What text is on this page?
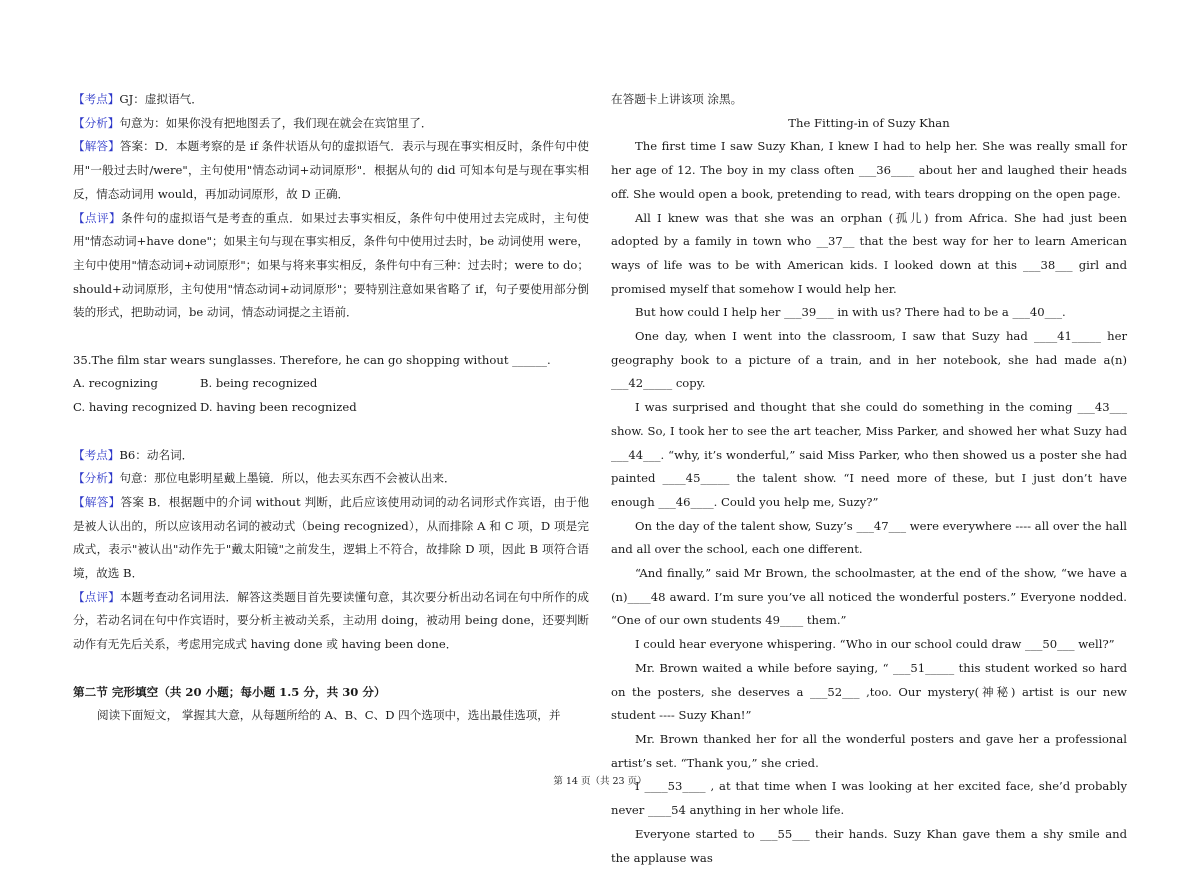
【考点】GJ：虚拟语气．

【分析】句意为：如果你没有把地图丢了，我们现在就会在宾馆里了．

【解答】答案：D．本题考察的是 if 条件状语从句的虚拟语气．表示与现在事实相反时，条件句中使用"一般过去时/were"，主句使用"情态动词+动词原形"．根据从句的 did 可知本句是与现在事实相反，情态动词用 would，再加动词原形，故 D 正确．

【点评】条件句的虚拟语气是考查的重点．如果过去事实相反，条件句中使用过去完成时，主句使用"情态动词+have done"；如果主句与现在事实相反，条件句中使用过去时，be 动词使用 were，主句中使用"情态动词+动词原形"；如果与将来事实相反，条件句中有三种：过去时；were to do；should+动词原形，主句使用"情态动词+动词原形"；要特别注意如果省略了 if，句子要使用部分倒装的形式，把助动词，be 动词，情态动词提之主语前．

35.The film star wears sunglasses. Therefore, he can go shopping without ______.

A. recognizing	B. being recognized
C. having recognized D. having been recognized

【考点】B6：动名词．

【分析】句意：那位电影明星戴上墨镜．所以，他去买东西不会被认出来．

【解答】答案 B．根据题中的介词 without 判断，此后应该使用动词的动名词形式作宾语，由于他是被人认出的，所以应该用动名词的被动式（being recognized），从而排除 A 和 C 项，D 项是完成式，表示"被认出"动作先于"戴太阳镜"之前发生，逻辑上不符合，故排除 D 项，因此 B 项符合语境，故选 B．

【点评】本题考查动名词用法．解答这类题目首先要读懂句意，其次要分析出动名词在句中所作的成分，若动名词在句中作宾语时，要分析主被动关系，主动用 doing，被动用 being done，还要判断动作有无先后关系，考虑用完成式 having done 或 having been done．

第二节 完形填空（共 20 小题；每小题 1.5 分，共 30 分）

阅读下面短文， 掌握其大意，从每题所给的 A、B、C、D 四个选项中，选出最佳选项，并

在答题卡上讲该项 涂黑。

The Fitting-in of Suzy Khan

The first time I saw Suzy Khan, I knew I had to help her. She was really small for her age of 12. The boy in my class often ___36____ about her and laughed their heads off. She would open a book, pretending to read, with tears dropping on the open page.

All I knew was that she was an orphan (孤儿) from Africa. She had just been adopted by a family in town who __37__ that the best way for her to learn American ways of life was to be with American kids. I looked down at this ___38___ girl and promised myself that somehow I would help her.

But how could I help her ___39___ in with us? There had to be a ___40___.

One day, when I went into the classroom, I saw that Suzy had ____41_____ her geography book to a picture of a train, and in her notebook, she had made a(n) ___42_____ copy.

I was surprised and thought that she could do something in the coming ___43___ show. So, I took her to see the art teacher, Miss Parker, and showed her what Suzy had ___44___. “why, it’s wonderful,” said Miss Parker, who then showed us a poster she had painted ____45_____ the talent show. “I need more of these, but I just don’t have enough ___46____. Could you help me, Suzy?”

On the day of the talent show, Suzy’s ___47___ were everywhere ---- all over the hall and all over the school, each one different.

“And finally,” said Mr Brown, the schoolmaster, at the end of the show, “we have a (n)____48 award. I’m sure you’ve all noticed the wonderful posters.” Everyone nodded. “One of our own students 49____ them.”

I could hear everyone whispering. “Who in our school could draw ___50___ well?”

Mr. Brown waited a while before saying, “ ___51_____ this student worked so hard on the posters, she deserves a ___52___ ,too. Our mystery(神秘) artist is our new student ---- Suzy Khan!”

Mr. Brown thanked her for all the wonderful posters and gave her a professional artist’s set. “Thank you,” she cried.

I ____53____ , at that time when I was looking at her excited face, she’d probably never ____54 anything in her whole life.

Everyone started to ___55___ their hands. Suzy Khan gave them a shy smile and the applause was

第 14 页（共 23 页）
